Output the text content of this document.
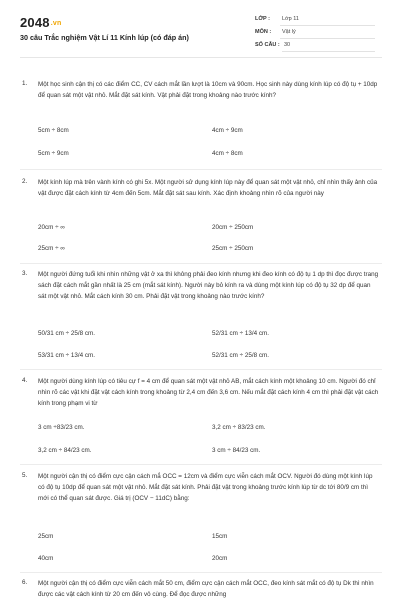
2048.vn
30 câu Trắc nghiệm Vật Lí 11 Kính lúp (có đáp án)
LỚP : Lớp 11
MÔN : Vật lý
SỐ CÂU : 30
1. Một học sinh cận thị có các điểm CC, CV cách mắt lần lượt là 10cm và 90cm. Học sinh này dùng kính lúp có độ tụ + 10dp để quan sát một vật nhỏ. Mắt đặt sát kính. Vật phải đặt trong khoảng nào trước kính?
5cm ÷ 8cm	4cm ÷ 9cm
5cm ÷ 9cm	4cm ÷ 8cm
2. Một kính lúp mà trên vành kính có ghi 5x. Một người sử dụng kính lúp này để quan sát một vật nhỏ, chỉ nhìn thấy ảnh của vật được đặt cách kính từ 4cm đến 5cm. Mắt đặt sát sau kính. Xác định khoảng nhìn rõ của người này
20cm ÷ ∞	20cm ÷ 250cm
25cm ÷ ∞	25cm ÷ 250cm
3. Một người đứng tuổi khi nhìn những vật ở xa thì không phải đeo kính nhưng khi đeo kính có độ tụ 1 dp thì đọc được trang sách đặt cách mắt gần nhất là 25 cm (mắt sát kính). Người này bỏ kính ra và dùng một kính lúp có độ tụ 32 dp để quan sát một vật nhỏ. Mắt cách kính 30 cm. Phải đặt vật trong khoảng nào trước kính?
50/31 cm ÷ 25/8 cm.	52/31 cm ÷ 13/4 cm.
53/31 cm ÷ 13/4 cm.	52/31 cm ÷ 25/8 cm.
4. Một người dùng kính lúp có tiêu cự f = 4 cm để quan sát một vật nhỏ AB, mắt cách kính một khoảng 10 cm. Người đó chỉ nhìn rõ các vật khi đặt vật cách kính trong khoảng từ 2,4 cm đến 3,6 cm. Nếu mắt đặt cách kính 4 cm thì phải đặt vật cách kính trong phạm vi từ
3 cm ÷83/23 cm.	3,2 cm ÷ 83/23 cm.
3,2 cm ÷ 84/23 cm.	3 cm ÷ 84/23 cm.
5. Một người cận thị có điểm cực cận cách mắ OCC = 12cm và điểm cực viễn cách mắt OCV. Người đó dùng một kính lúp có độ tụ 10dp để quan sát một vật nhỏ. Mắt đặt sát kính. Phải đặt vật trong khoảng trước kính lúp từ dc tới 80/9 cm thì mới có thể quan sát được. Giá trị (OCV − 11dC) bằng:
25cm	15cm
40cm	20cm
6. Một người cận thị có điểm cực viễn cách mắt 50 cm, điểm cực cận cách mắt OCC, đeo kính sát mắt có độ tụ Dk thì nhìn được các vật cách kính từ 20 cm đến vô cùng. Để đọc được những
